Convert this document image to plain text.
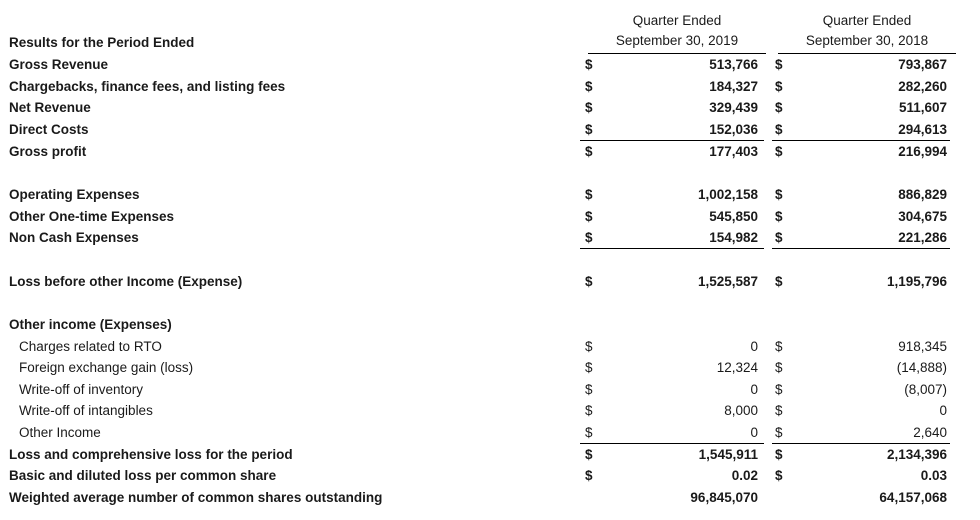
Quarter Ended
September 30, 2019
Quarter Ended
September 30, 2018
Results for the Period Ended
Gross Revenue	$	513,766 $	793,867
Chargebacks, finance fees, and listing fees	$	184,327 $	282,260
Net Revenue	$	329,439 $	511,607
Direct Costs	$	152,036 $	294,613
Gross profit	$	177,403 $	216,994
Operating Expenses	$	1,002,158 $	886,829
Other One-time Expenses	$	545,850 $	304,675
Non Cash Expenses	$	154,982 $	221,286
Loss before other Income (Expense)	$	1,525,587 $	1,195,796
Other income (Expenses)
Charges related to RTO	$	0 $	918,345
Foreign exchange gain (loss)	$	12,324 $	(14,888)
Write-off of inventory	$	0 $	(8,007)
Write-off of intangibles	$	8,000 $	0
Other Income	$	0 $	2,640
Loss and comprehensive loss for the period	$	1,545,911 $	2,134,396
Basic and diluted loss per common share	$	0.02 $	0.03
Weighted average number of common shares outstanding	96,845,070	64,157,068
